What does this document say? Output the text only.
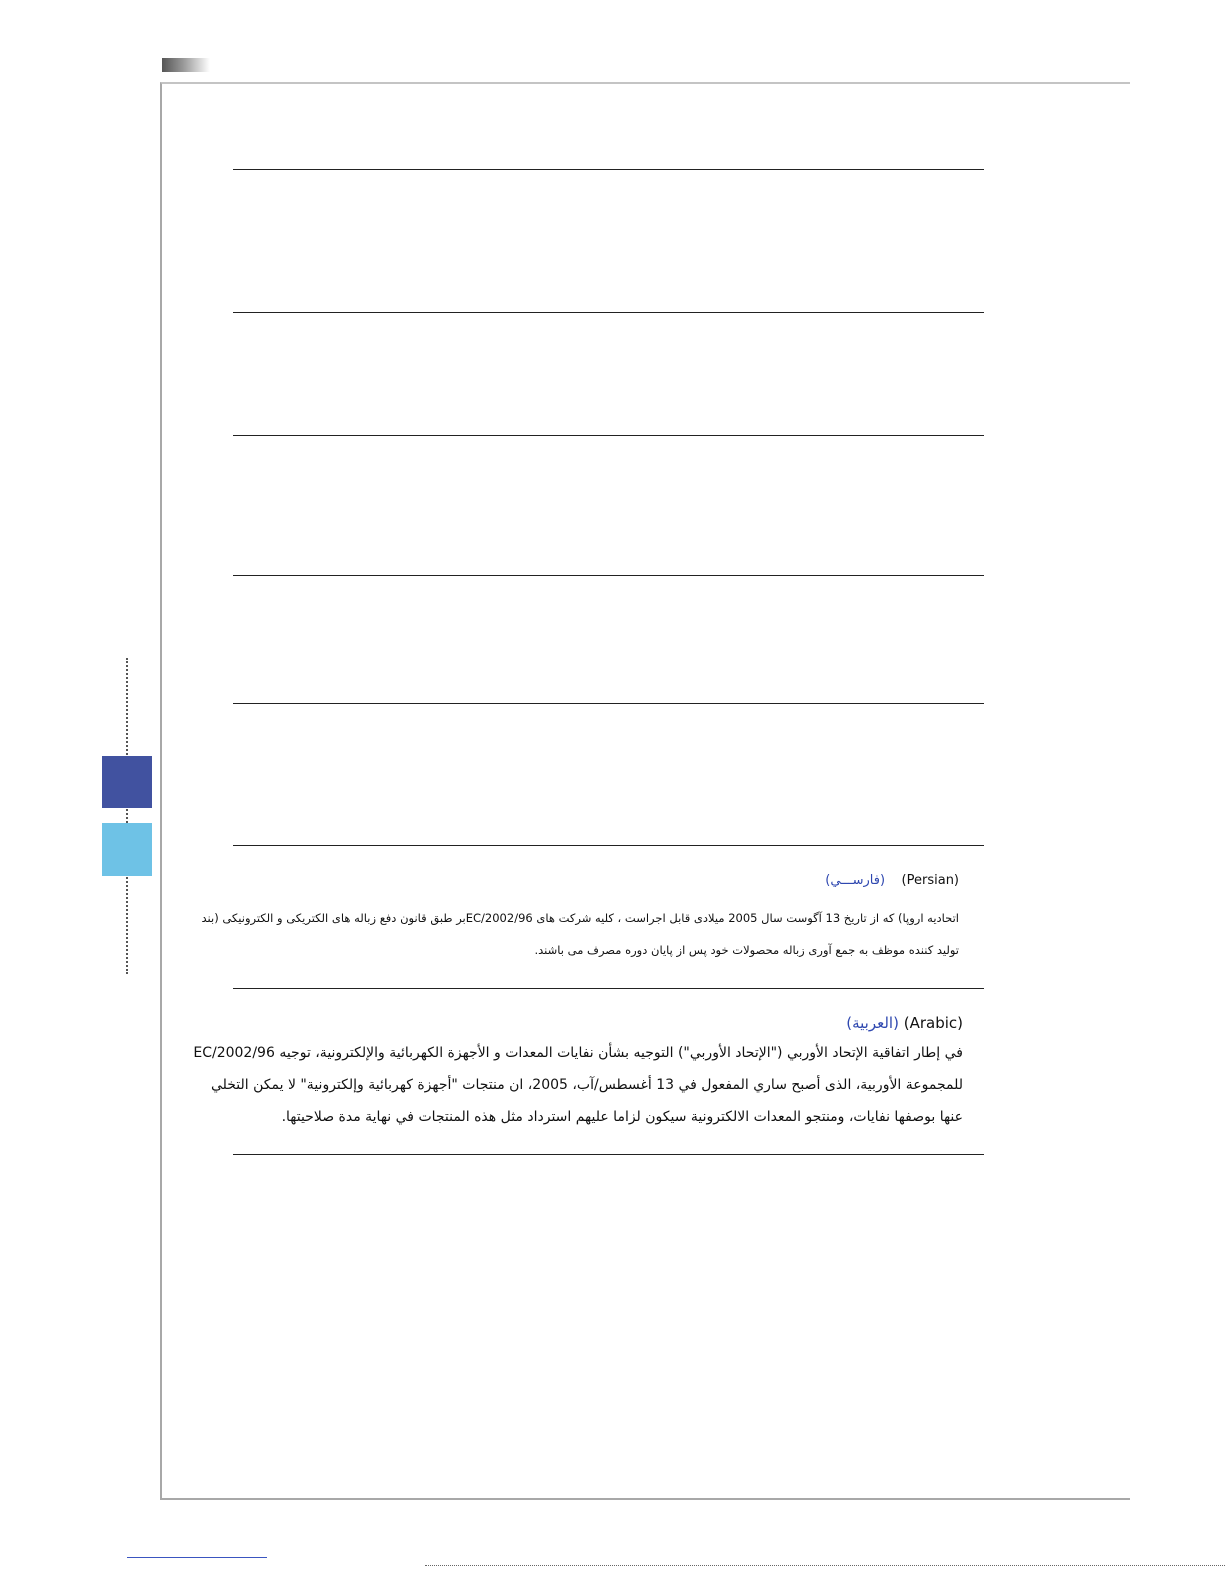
(فارســـي) (Persian)
اتحادیه اروپا) که از تاریخ 13 آگوست سال 2005 میلادی قابل اجراست ، کلیه شرکت های 2002/96/ECبر طبق قانون دفع زباله های الکتریکی و الکترونیکی (بند
تولید کننده موظف به جمع آوری زباله محصولات خود پس از پایان دوره مصرف می باشند.
(العربية) (Arabic)
في إطار اتفاقية الإتحاد الأوربي ("الإتحاد الأوربي") التوجيه بشأن نفايات المعدات و الأجهزة الكهربائية والإلكترونية، توجيه 2002/96/EC
للمجموعة الأوربية، الذى أصبح ساري المفعول في 13 أغسطس/آب، 2005، ان منتجات "أجهزة كهربائية وإلكترونية" لا يمكن التخلي
عنها بوصفها نفايات، ومنتجو المعدات الالكترونية سيكون لزاما عليهم استرداد مثل هذه المنتجات في نهاية مدة صلاحيتها.
